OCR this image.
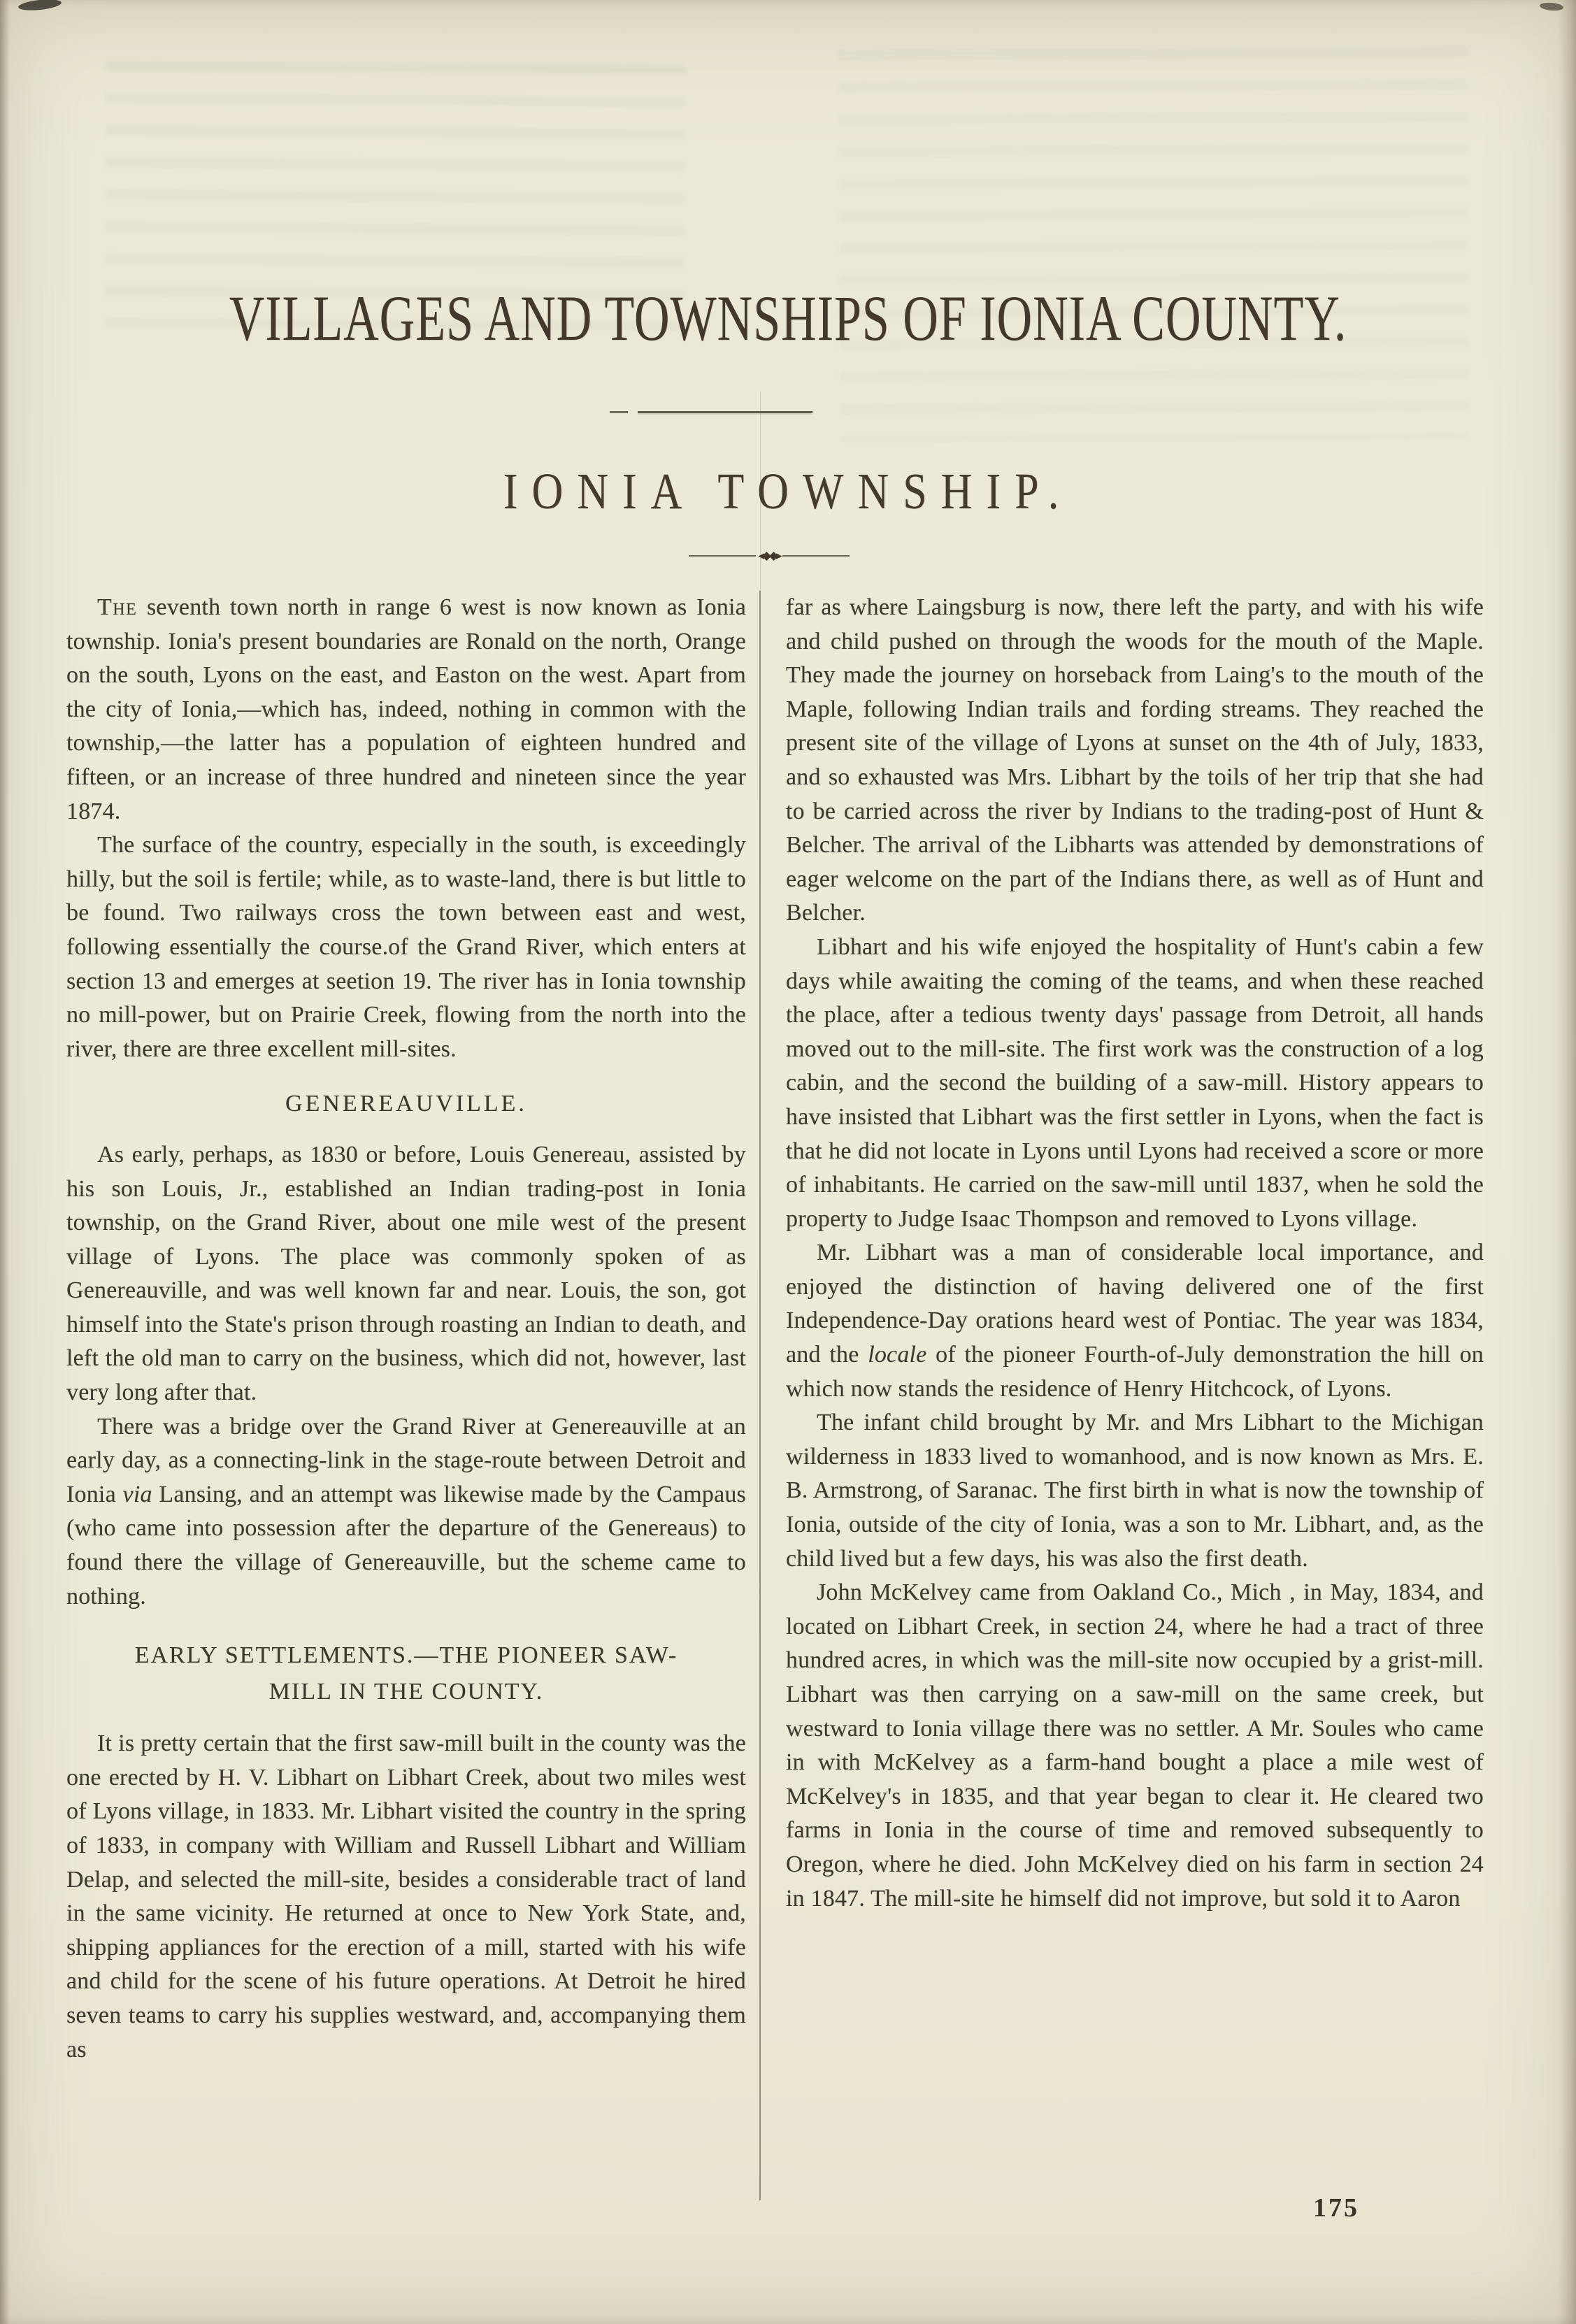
VILLAGES AND TOWNSHIPS OF IONIA COUNTY.
IONIA TOWNSHIP.
◂◆◆▸

The seventh town north in range 6 west is now known as Ionia township. Ionia's present boundaries are Ronald on the north, Orange on the south, Lyons on the east, and Easton on the west. Apart from the city of Ionia,—which has, indeed, nothing in common with the township,—the latter has a population of eighteen hundred and fifteen, or an increase of three hundred and nineteen since the year 1874.

The surface of the country, especially in the south, is exceedingly hilly, but the soil is fertile; while, as to waste-land, there is but little to be found. Two railways cross the town between east and west, following essentially the course.of the Grand River, which enters at section 13 and emerges at seetion 19. The river has in Ionia township no mill-power, but on Prairie Creek, flowing from the north into the river, there are three excellent mill-sites.

GENEREAUVILLE.

As early, perhaps, as 1830 or before, Louis Genereau, assisted by his son Louis, Jr., established an Indian trading-post in Ionia township, on the Grand River, about one mile west of the present village of Lyons. The place was commonly spoken of as Genereauville, and was well known far and near. Louis, the son, got himself into the State's prison through roasting an Indian to death, and left the old man to carry on the business, which did not, however, last very long after that.

There was a bridge over the Grand River at Genereauville at an early day, as a connecting-link in the stage-route between Detroit and Ionia via Lansing, and an attempt was likewise made by the Campaus (who came into possession after the departure of the Genereaus) to found there the village of Genereauville, but the scheme came to nothing.

EARLY SETTLEMENTS.—THE PIONEER SAW-
MILL IN THE COUNTY.

It is pretty certain that the first saw-mill built in the county was the one erected by H. V. Libhart on Libhart Creek, about two miles west of Lyons village, in 1833. Mr. Libhart visited the country in the spring of 1833, in company with William and Russell Libhart and William Delap, and selected the mill-site, besides a considerable tract of land in the same vicinity. He returned at once to New York State, and, shipping appliances for the erection of a mill, started with his wife and child for the scene of his future operations. At Detroit he hired seven teams to carry his supplies westward, and, accompanying them as

far as where Laingsburg is now, there left the party, and with his wife and child pushed on through the woods for the mouth of the Maple. They made the journey on horseback from Laing's to the mouth of the Maple, following Indian trails and fording streams. They reached the present site of the village of Lyons at sunset on the 4th of July, 1833, and so exhausted was Mrs. Libhart by the toils of her trip that she had to be carried across the river by Indians to the trading-post of Hunt & Belcher. The arrival of the Libharts was attended by demonstrations of eager welcome on the part of the Indians there, as well as of Hunt and Belcher.

Libhart and his wife enjoyed the hospitality of Hunt's cabin a few days while awaiting the coming of the teams, and when these reached the place, after a tedious twenty days' passage from Detroit, all hands moved out to the mill-site. The first work was the construction of a log cabin, and the second the building of a saw-mill. History appears to have insisted that Libhart was the first settler in Lyons, when the fact is that he did not locate in Lyons until Lyons had received a score or more of inhabitants. He carried on the saw-mill until 1837, when he sold the property to Judge Isaac Thompson and removed to Lyons village.

Mr. Libhart was a man of considerable local importance, and enjoyed the distinction of having delivered one of the first Independence-Day orations heard west of Pontiac. The year was 1834, and the locale of the pioneer Fourth-of-July demonstration the hill on which now stands the residence of Henry Hitchcock, of Lyons.

The infant child brought by Mr. and Mrs Libhart to the Michigan wilderness in 1833 lived to womanhood, and is now known as Mrs. E. B. Armstrong, of Saranac. The first birth in what is now the township of Ionia, outside of the city of Ionia, was a son to Mr. Libhart, and, as the child lived but a few days, his was also the first death.

John McKelvey came from Oakland Co., Mich , in May, 1834, and located on Libhart Creek, in section 24, where he had a tract of three hundred acres, in which was the mill-site now occupied by a grist-mill. Libhart was then carrying on a saw-mill on the same creek, but westward to Ionia village there was no settler. A Mr. Soules who came in with McKelvey as a farm-hand bought a place a mile west of McKelvey's in 1835, and that year began to clear it. He cleared two farms in Ionia in the course of time and removed subsequently to Oregon, where he died. John McKelvey died on his farm in section 24 in 1847. The mill-site he himself did not improve, but sold it to Aaron

175
